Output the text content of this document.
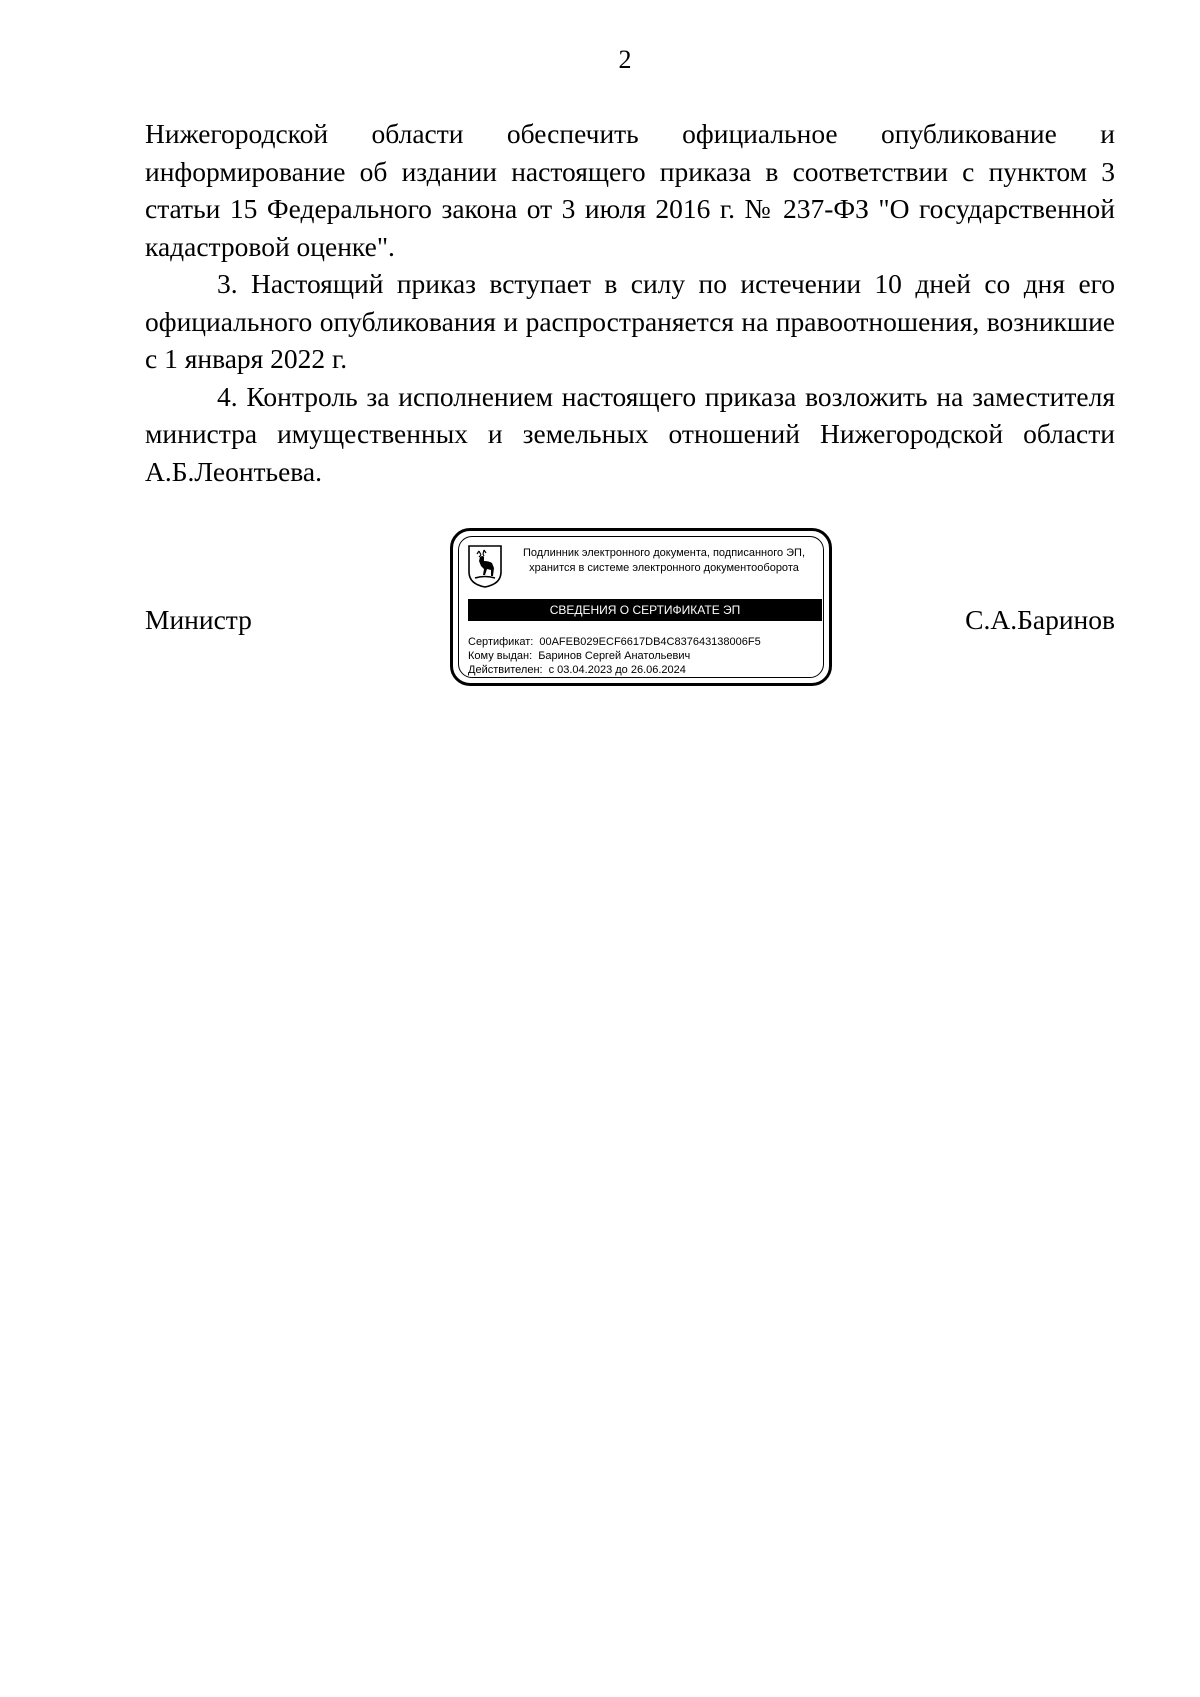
2

Нижегородской области обеспечить официальное опубликование и информирование об издании настоящего приказа в соответствии с пунктом 3 статьи 15 Федерального закона от 3 июля 2016 г. № 237-ФЗ "О государственной кадастровой оценке".

3. Настоящий приказ вступает в силу по истечении 10 дней со дня его официального опубликования и распространяется на правоотношения, возникшие с 1 января 2022 г.

4. Контроль за исполнением настоящего приказа возложить на заместителя министра имущественных и земельных отношений Нижегородской области А.Б.Леонтьева.

Министр	С.А.Баринов
Подлинник электронного документа, подписанного ЭП,
хранится в системе электронного документооборота
СВЕДЕНИЯ О СЕРТИФИКАТЕ ЭП
Сертификат: 00AFEB029ECF6617DB4C837643138006F5
Кому выдан: Баринов Сергей Анатольевич
Действителен: с 03.04.2023 до 26.06.2024
